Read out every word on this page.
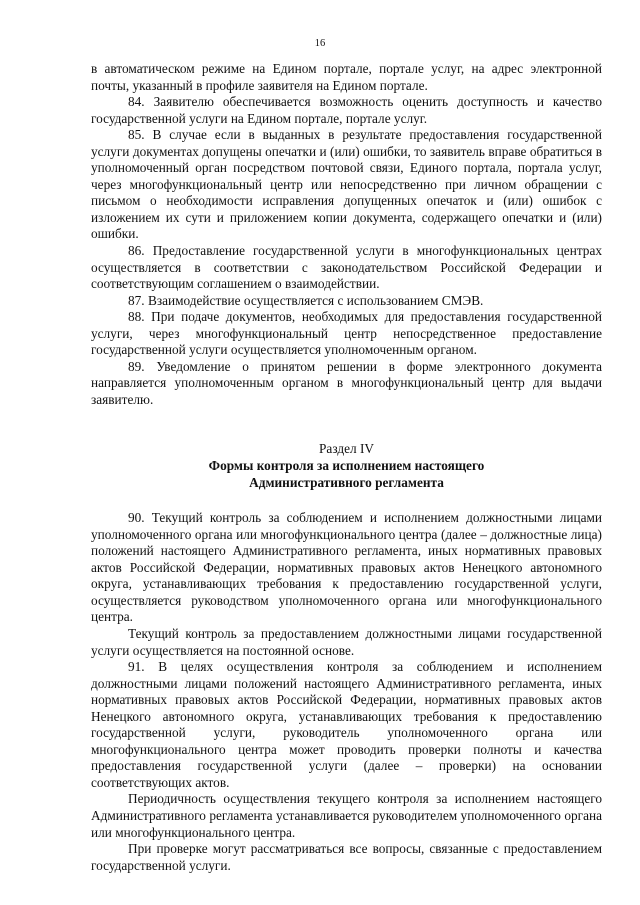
16

в автоматическом режиме на Едином портале, портале услуг, на адрес электронной почты, указанный в профиле заявителя на Едином портале.

84. Заявителю обеспечивается возможность оценить доступность и качество государственной услуги на Едином портале, портале услуг.

85. В случае если в выданных в результате предоставления государственной услуги документах допущены опечатки и (или) ошибки, то заявитель вправе обратиться в уполномоченный орган посредством почтовой связи, Единого портала, портала услуг, через многофункциональный центр или непосредственно при личном обращении с письмом о необходимости исправления допущенных опечаток и (или) ошибок с изложением их сути и приложением копии документа, содержащего опечатки и (или) ошибки.

86. Предоставление государственной услуги в многофункциональных центрах осуществляется в соответствии с законодательством Российской Федерации и соответствующим соглашением о взаимодействии.

87. Взаимодействие осуществляется с использованием СМЭВ.

88. При подаче документов, необходимых для предоставления государственной услуги, через многофункциональный центр непосредственное предоставление государственной услуги осуществляется уполномоченным органом.

89. Уведомление о принятом решении в форме электронного документа направляется уполномоченным органом в многофункциональный центр для выдачи заявителю.

Раздел IV

Формы контроля за исполнением настоящего

Административного регламента

90. Текущий контроль за соблюдением и исполнением должностными лицами уполномоченного органа или многофункционального центра (далее – должностные лица) положений настоящего Административного регламента, иных нормативных правовых актов Российской Федерации, нормативных правовых актов Ненецкого автономного округа, устанавливающих требования к предоставлению государственной услуги, осуществляется руководством уполномоченного органа или многофункционального центра.

Текущий контроль за предоставлением должностными лицами государственной услуги осуществляется на постоянной основе.

91. В целях осуществления контроля за соблюдением и исполнением должностными лицами положений настоящего Административного регламента, иных нормативных правовых актов Российской Федерации, нормативных правовых актов Ненецкого автономного округа, устанавливающих требования к предоставлению государственной услуги, руководитель уполномоченного органа или многофункционального центра может проводить проверки полноты и качества предоставления государственной услуги (далее – проверки) на основании соответствующих актов.

Периодичность осуществления текущего контроля за исполнением настоящего Административного регламента устанавливается руководителем уполномоченного органа или многофункционального центра.

При проверке могут рассматриваться все вопросы, связанные с предоставлением государственной услуги.
